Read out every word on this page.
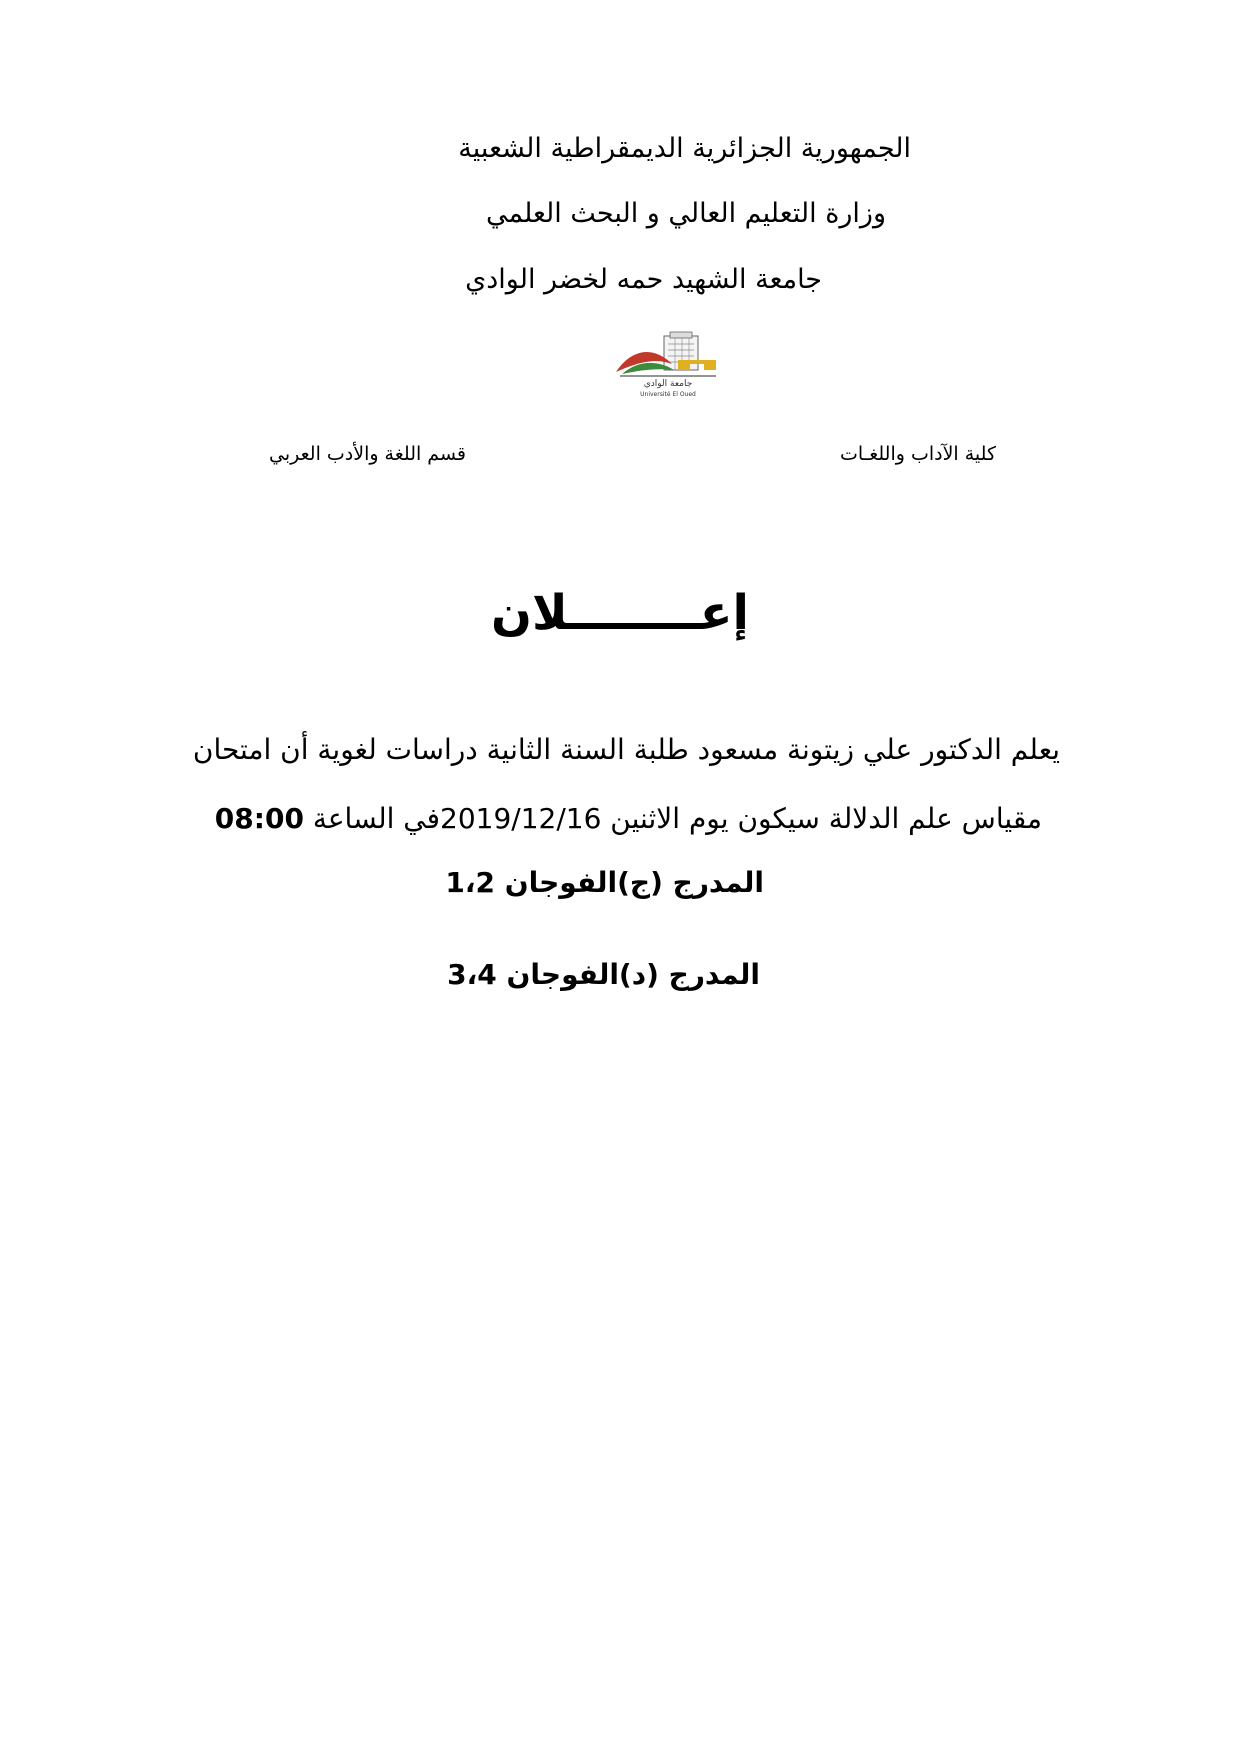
الجمهورية الجزائرية الديمقراطية الشعبية
وزارة التعليم العالي و البحث العلمي
جامعة الشهيد حمه لخضر الوادي
جامعة الوادي
Université El Oued
كلية الآداب واللغـات
قسم اللغة والأدب العربي
إعــــــــلان
يعلم الدكتور علي زيتونة مسعود طلبة السنة الثانية دراسات لغوية أن امتحان
مقياس علم الدلالة سيكون يوم الاثنين 2019/12/16في الساعة 08:00
المدرج (ج)الفوجان 1،2
المدرج (د)الفوجان 3،4
